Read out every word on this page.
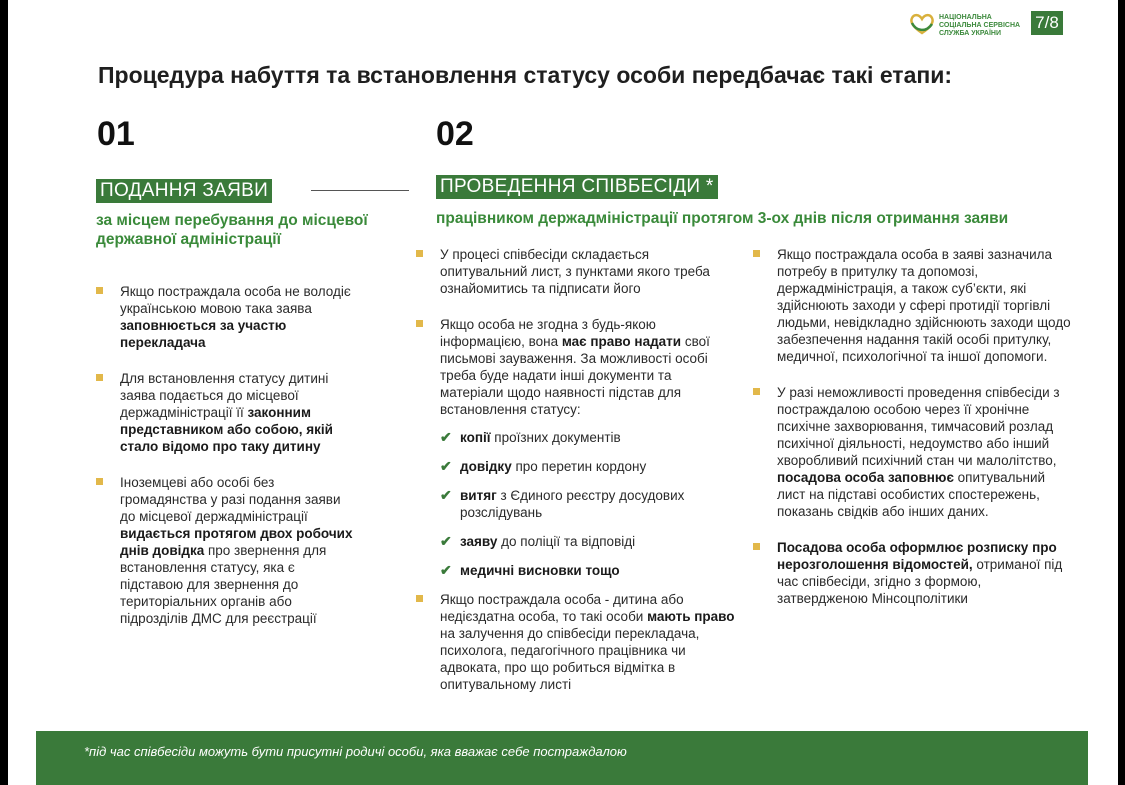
НАЦІОНАЛЬНА
СОЦІАЛЬНА СЕРВІСНА
СЛУЖБА УКРАЇНИ
7/8
Процедура набуття та встановлення статусу особи передбачає такі етапи:
01	02
ПОДАННЯ ЗАЯВИ	ПРОВЕДЕННЯ СПІВБЕСІДИ *
за місцем перебування до місцевої державної адміністрації
працівником держадміністрації протягом 3-ох днів після отримання заяви
Якщо постраждала особа не володіє українською мовою така заява заповнюється за участю перекладача
Для встановлення статусу дитині заява подається до місцевої держадміністрації її законним представником або собою, якій стало відомо про таку дитину
Іноземцеві або особі без громадянства у разі подання заяви до місцевої держадміністрації видається протягом двох робочих днів довідка про звернення для встановлення статусу, яка є підставою для звернення до територіальних органів або підрозділів ДМС для реєстрації
У процесі співбесіди складається опитувальний лист, з пунктами якого треба ознайомитись та підписати його
Якщо особа не згодна з будь-якою інформацією, вона має право надати свої письмові зауваження. За можливості особі треба буде надати інші документи та матеріали щодо наявності підстав для встановлення статусу:
✔ копії проїзних документів
✔ довідку про перетин кордону
✔ витяг з Єдиного реєстру досудових розслідувань
✔ заяву до поліції та відповіді
✔ медичні висновки тощо
Якщо постраждала особа - дитина або недієздатна особа, то такі особи мають право на залучення до співбесіди перекладача, психолога, педагогічного працівника чи адвоката, про що робиться відмітка в опитувальному листі
Якщо постраждала особа в заяві зазначила потребу в притулку та допомозі, держадміністрація, а також суб’єкти, які здійснюють заходи у сфері протидії торгівлі людьми, невідкладно здійснюють заходи щодо забезпечення надання такій особі притулку, медичної, психологічної та іншої допомоги.
У разі неможливості проведення співбесіди з постраждалою особою через її хронічне психічне захворювання, тимчасовий розлад психічної діяльності, недоумство або інший хворобливий психічний стан чи малолітство, посадова особа заповнює опитувальний лист на підставі особистих спостережень, показань свідків або інших даних.
Посадова особа оформлює розписку про нерозголошення відомостей, отриманої під час співбесіди, згідно з формою, затвердженою Мінсоцполітики
*під час співбесіди можуть бути присутні родичі особи, яка вважає себе постраждалою
